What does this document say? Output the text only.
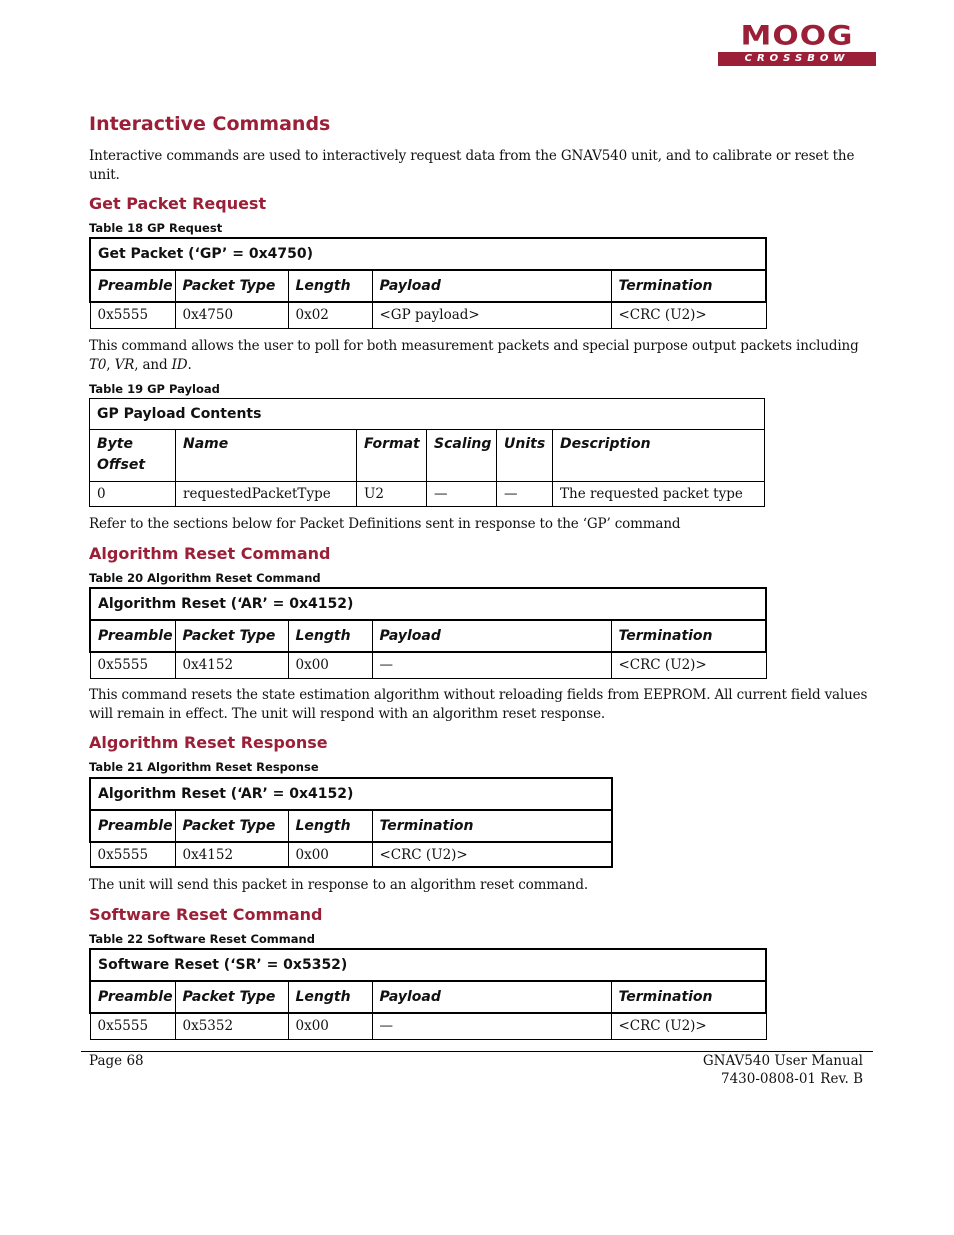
MOOG
CROSSBOW
Interactive Commands
Interactive commands are used to interactively request data from the GNAV540 unit, and to calibrate or reset the unit.
Get Packet Request
Table 18 GP Request
Get Packet (‘GP’ = 0x4750)				
Preamble	Packet Type	Length	Payload	Termination
0x5555	0x4750	0x02	<GP payload>	<CRC (U2)>
This command allows the user to poll for both measurement packets and special purpose output packets including T0, VR, and ID.
Table 19 GP Payload
GP Payload Contents					
Byte Offset	Name	Format	Scaling	Units	Description
0	requestedPacketType	U2	—	—	The requested packet type
Refer to the sections below for Packet Definitions sent in response to the ‘GP’ command
Algorithm Reset Command
Table 20 Algorithm Reset Command
Algorithm Reset (‘AR’ = 0x4152)				
Preamble	Packet Type	Length	Payload	Termination
0x5555	0x4152	0x00	—	<CRC (U2)>
This command resets the state estimation algorithm without reloading fields from EEPROM. All current field values will remain in effect. The unit will respond with an algorithm reset response.
Algorithm Reset Response
Table 21 Algorithm Reset Response
Algorithm Reset (‘AR’ = 0x4152)			
Preamble	Packet Type	Length	Termination
0x5555	0x4152	0x00	<CRC (U2)>
The unit will send this packet in response to an algorithm reset command.
Software Reset Command
Table 22 Software Reset Command
Software Reset (‘SR’ = 0x5352)				
Preamble	Packet Type	Length	Payload	Termination
0x5555	0x5352	0x00	—	<CRC (U2)>
Page 68	GNAV540 User Manual
7430-0808-01 Rev. B
